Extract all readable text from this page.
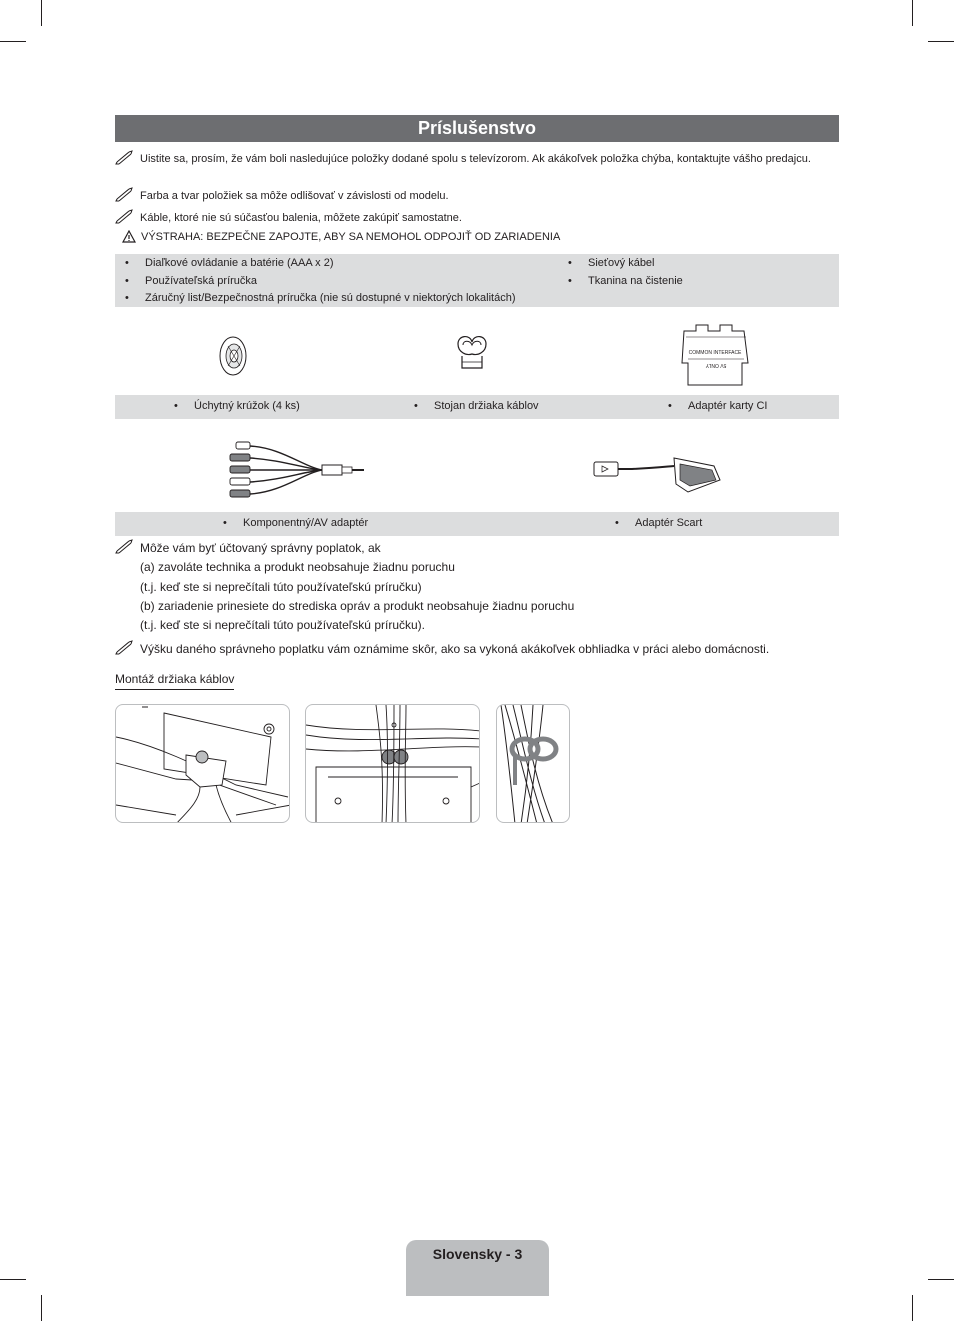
Príslušenstvo
Uistite sa, prosím, že vám boli nasledujúce položky dodané spolu s televízorom. Ak akákoľvek položka chýba, kontaktujte vášho predajcu.
Farba a tvar položiek sa môže odlišovať v závislosti od modelu.
Káble, ktoré nie sú súčasťou balenia, môžete zakúpiť samostatne.
VÝSTRAHA: BEZPEČNE ZAPOJTE, ABY SA NEMOHOL ODPOJIŤ OD ZARIADENIA
• Diaľkové ovládanie a batérie (AAA x 2)
• Používateľská príručka
• Záručný list/Bezpečnostná príručka (nie sú dostupné v niektorých lokalitách)
• Sieťový kábel
• Tkanina na čistenie
COMMON INTERFACE
5V ONLY
• Úchytný krúžok (4 ks)	• Stojan držiaka káblov	• Adaptér karty CI
• Komponentný/AV adaptér	• Adaptér Scart
Môže vám byť účtovaný správny poplatok, ak
(a) zavoláte technika a produkt neobsahuje žiadnu poruchu
(t.j. keď ste si neprečítali túto používateľskú príručku)
(b) zariadenie prinesiete do strediska opráv a produkt neobsahuje žiadnu poruchu
(t.j. keď ste si neprečítali túto používateľskú príručku).
Výšku daného správneho poplatku vám oznámime skôr, ako sa vykoná akákoľvek obhliadka v práci alebo domácnosti.
Montáž držiaka káblov
Slovensky - 3
